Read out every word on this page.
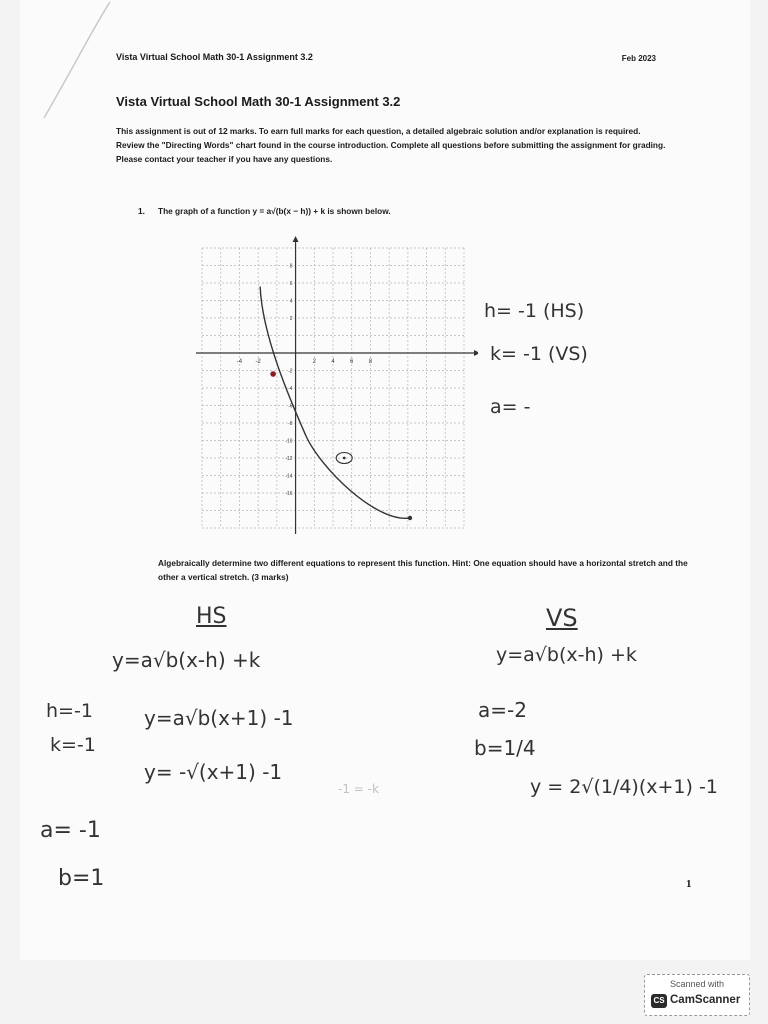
Vista Virtual School Math 30-1 Assignment 3.2	Feb 2023
Vista Virtual School Math 30-1 Assignment 3.2
This assignment is out of 12 marks. To earn full marks for each question, a detailed algebraic solution and/or explanation is required. Review the "Directing Words" chart found in the course introduction. Complete all questions before submitting the assignment for grading. Please contact your teacher if you have any questions.
1. The graph of a function y = a√(b(x − h)) + k is shown below.
-4 -2	2	4	6	8
8
6
4
2
-2
-4
-6
-8
-10
-12
-14
-16
h= -1 (HS)
k= -1 (VS)
a= -
Algebraically determine two different equations to represent this function. Hint: One equation should have a horizontal stretch and the other a vertical stretch. (3 marks)
HS	VS
y=a√b(x-h) +k	y=a√b(x-h) +k
h=-1
k=-1
y=a√b(x+1) -1
y= -√(x+1) -1
-1 = -k
a=-2
b=1/4
y = 2√(1/4)(x+1) -1
a= -1
b=1	1
Scanned with
CS CamScanner
